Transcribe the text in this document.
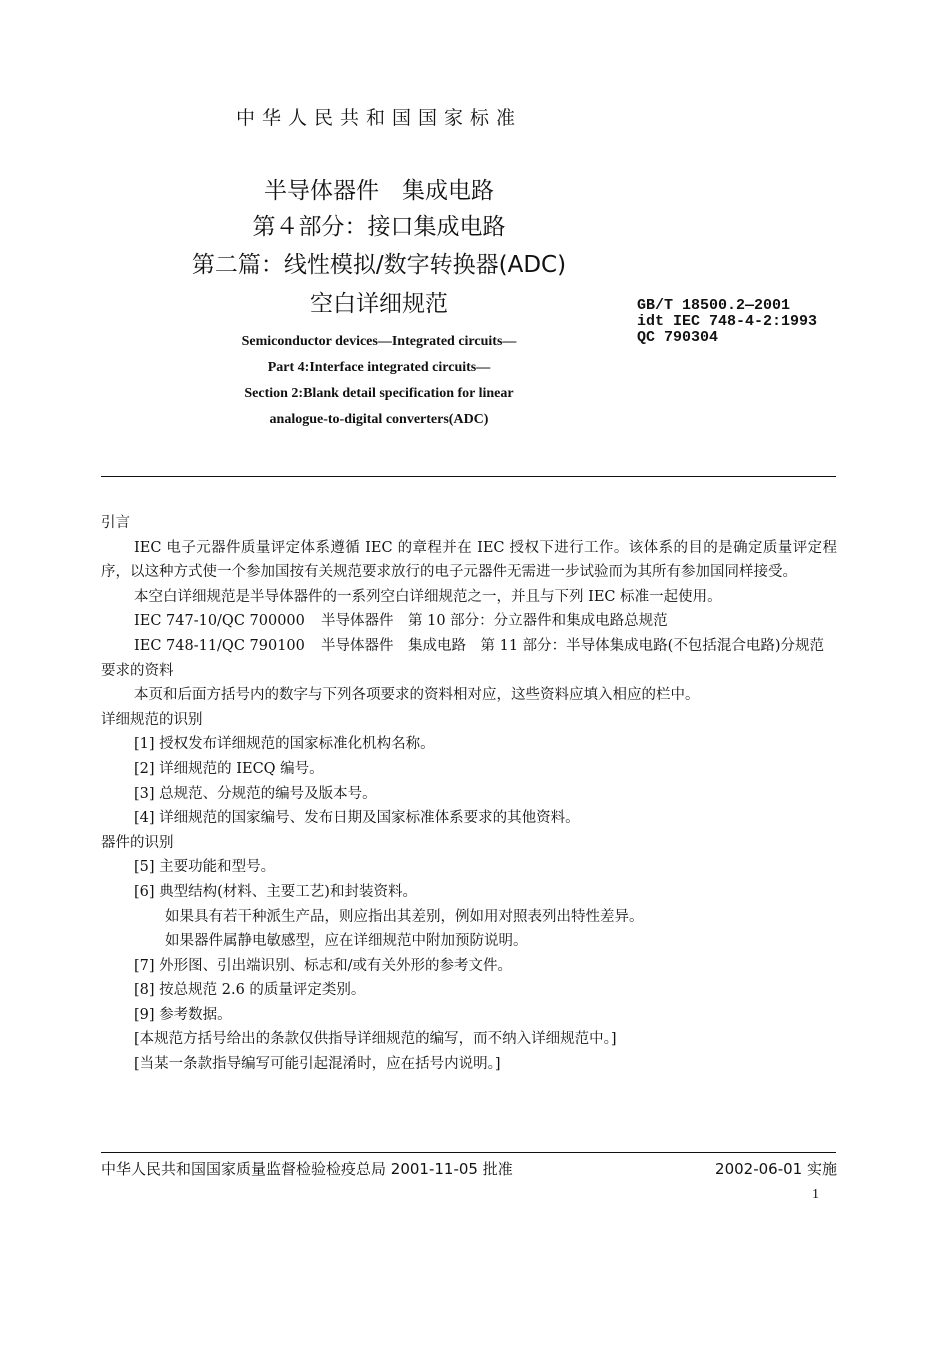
中华人民共和国国家标准
半导体器件　集成电路
第４部分：接口集成电路
第二篇：线性模拟/数字转换器(ADC)
空白详细规范	GB/T 18500.2—2001
idt IEC 748-4-2:1993
QC 790304
Semiconductor devices—Integrated circuits—
Part 4:Interface integrated circuits—
Section 2:Blank detail specification for linear
analogue-to-digital converters(ADC)

引言

IEC 电子元器件质量评定体系遵循 IEC 的章程并在 IEC 授权下进行工作。该体系的目的是确定质量评定程序，以这种方式使一个参加国按有关规范要求放行的电子元器件无需进一步试验而为其所有参加国同样接受。

本空白详细规范是半导体器件的一系列空白详细规范之一，并且与下列 IEC 标准一起使用。

IEC 747-10/QC 700000	半导体器件　第 10 部分：分立器件和集成电路总规范
IEC 748-11/QC 790100	半导体器件　集成电路　第 11 部分：半导体集成电路(不包括混合电路)分规范

要求的资料

本页和后面方括号内的数字与下列各项要求的资料相对应，这些资料应填入相应的栏中。

详细规范的识别

[1] 授权发布详细规范的国家标准化机构名称。

[2] 详细规范的 IECQ 编号。

[3] 总规范、分规范的编号及版本号。

[4] 详细规范的国家编号、发布日期及国家标准体系要求的其他资料。

器件的识别

[5] 主要功能和型号。

[6] 典型结构(材料、主要工艺)和封装资料。

如果具有若干种派生产品，则应指出其差别，例如用对照表列出特性差异。

如果器件属静电敏感型，应在详细规范中附加预防说明。

[7] 外形图、引出端识别、标志和/或有关外形的参考文件。

[8] 按总规范 2.6 的质量评定类别。

[9] 参考数据。

[本规范方括号给出的条款仅供指导详细规范的编写，而不纳入详细规范中。]

[当某一条款指导编写可能引起混淆时，应在括号内说明。]

中华人民共和国国家质量监督检验检疫总局 2001-11-05 批准	2002-06-01 实施
1
